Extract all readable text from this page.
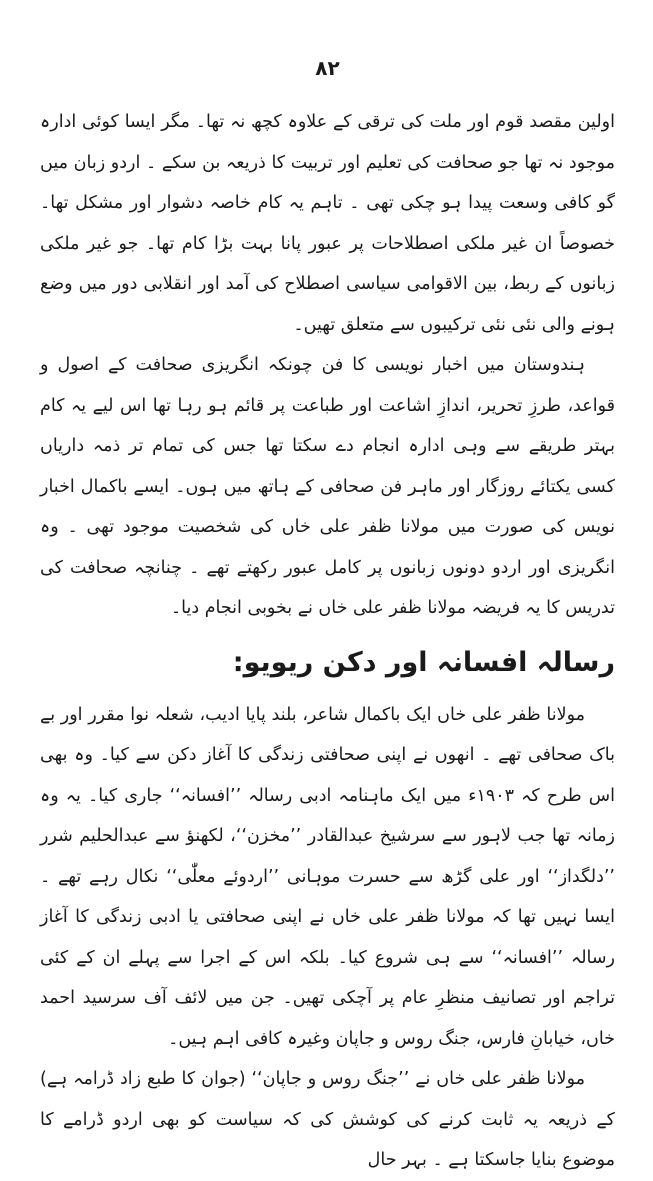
۸۲

اولین مقصد قوم اور ملت کی ترقی کے علاوہ کچھ نہ تھا۔ مگر ایسا کوئی ادارہ موجود نہ تھا جو صحافت کی تعلیم اور تربیت کا ذریعہ بن سکے ۔ اردو زبان میں گو کافی وسعت پیدا ہو چکی تھی ۔ تاہم یہ کام خاصہ دشوار اور مشکل تھا۔ خصوصاً ان غیر ملکی اصطلاحات پر عبور پانا بہت بڑا کام تھا۔ جو غیر ملکی زبانوں کے ربط، بین الاقوامی سیاسی اصطلاح کی آمد اور انقلابی دور میں وضع ہونے والی نئی نئی ترکیبوں سے متعلق تھیں۔

ہندوستان میں اخبار نویسی کا فن چونکہ انگریزی صحافت کے اصول و قواعد، طرزِ تحریر، اندازِ اشاعت اور طباعت پر قائم ہو رہا تھا اس لیے یہ کام بہتر طریقے سے وہی ادارہ انجام دے سکتا تھا جس کی تمام تر ذمہ داریاں کسی یکتائے روزگار اور ماہر فن صحافی کے ہاتھ میں ہوں۔ ایسے باکمال اخبار نویس کی صورت میں مولانا ظفر علی خاں کی شخصیت موجود تھی ۔ وہ انگریزی اور اردو دونوں زبانوں پر کامل عبور رکھتے تھے ۔ چنانچہ صحافت کی تدریس کا یہ فریضہ مولانا ظفر علی خاں نے بخوبی انجام دیا۔

رسالہ افسانہ اور دکن ریویو:

مولانا ظفر علی خاں ایک باکمال شاعر، بلند پایا ادیب، شعلہ نوا مقرر اور بے باک صحافی تھے ۔ انھوں نے اپنی صحافتی زندگی کا آغاز دکن سے کیا۔ وہ بھی اس طرح کہ ۱۹۰۳ء میں ایک ماہنامہ ادبی رسالہ ’’افسانہ‘‘ جاری کیا۔ یہ وہ زمانہ تھا جب لاہور سے سرشیخ عبدالقادر ’’مخزن‘‘، لکھنؤ سے عبدالحلیم شرر ’’دلگداز‘‘ اور علی گڑھ سے حسرت موہانی ’’اردوئے معلّٰی‘‘ نکال رہے تھے ۔ ایسا نہیں تھا کہ مولانا ظفر علی خاں نے اپنی صحافتی یا ادبی زندگی کا آغاز رسالہ ’’افسانہ‘‘ سے ہی شروع کیا۔ بلکہ اس کے اجرا سے پہلے ان کے کئی تراجم اور تصانیف منظرِ عام پر آچکی تھیں۔ جن میں لائف آف سرسید احمد خاں، خیابانِ فارس، جنگ روس و جاپان وغیرہ کافی اہم ہیں۔

مولانا ظفر علی خاں نے ’’جنگ روس و جاپان‘‘ (جوان کا طبع زاد ڈرامہ ہے) کے ذریعہ یہ ثابت کرنے کی کوشش کی کہ سیاست کو بھی اردو ڈرامے کا موضوع بنایا جاسکتا ہے ۔ بہر حال
